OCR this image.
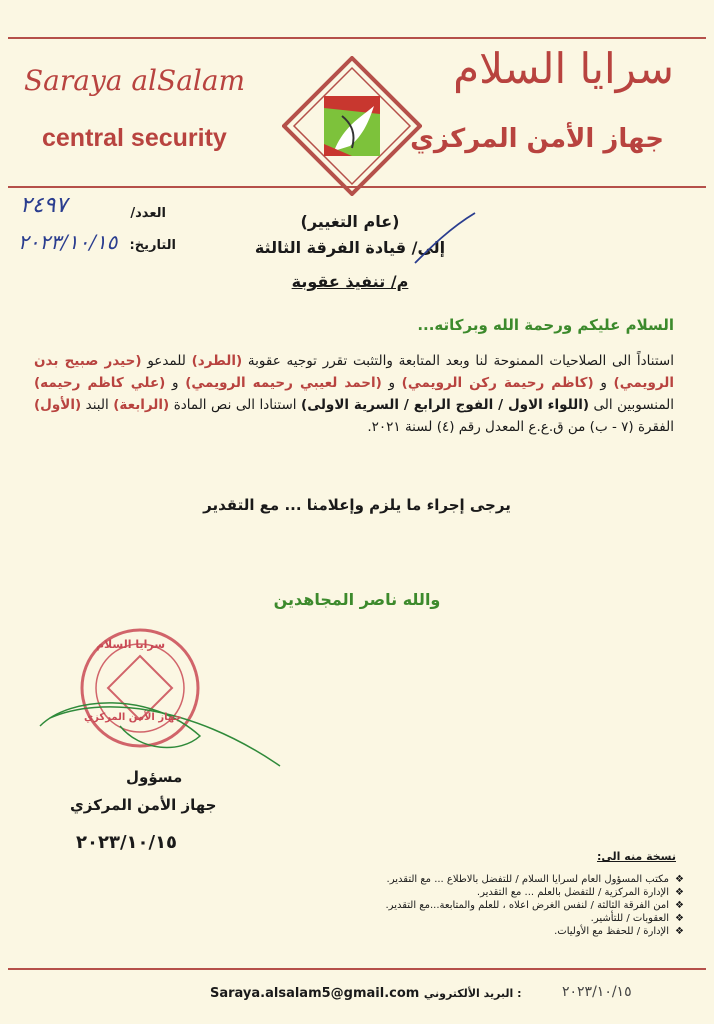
Saraya alSalam
central security
سرايا السلام
جهاز الأمن المركزي
العدد/
٢٤٩٧
التاريخ:
٢٠٢٣/١٠/١٥
(عام التغيير)
إلى/ قيادة الفرقة الثالثة
م/ تنفيذ عقوبة
السلام عليكم ورحمة الله وبركاته...
استناداً الى الصلاحيات الممنوحة لنا وبعد المتابعة والتثبت تقرر توجيه عقوبة (الطرد) للمدعو (حيدر صبيح بدن الرويمي) و (كاظم رحيمة ركن الرويمي) و (احمد لعيبي رحيمه الرويمي) و (علي كاظم رحيمه) المنسوبين الى (اللواء الاول / الفوج الرابع / السرية الاولى) استنادا الى نص المادة (الرابعة) البند (الأول) الفقرة (٧ - ب) من ق.ع.ع المعدل رقم (٤) لسنة ٢٠٢١.
يرجى إجراء ما يلزم وإعلامنا ... مع التقدير
والله ناصر المجاهدين
سرايا السلام
جهاز الأمن المركزي
مسؤول
جهاز الأمن المركزي
٢٠٢٣/١٠/١٥
نسخة منه الى:
❖مكتب المسؤول العام لسرايا السلام / للتفضل بالاطلاع ... مع التقدير.
❖الإدارة المركزية / للتفضل بالعلم ... مع التقدير.
❖امن الفرقة الثالثة / لنفس الغرض اعلاه ، للعلم والمتابعة...مع التقدير.
❖العقوبات / للتأشير.
❖الإدارة / للحفظ مع الأوليات.
٢٠٢٣/١٠/١٥
Saraya.alsalam5@gmail.com البريد الألكتروني :
